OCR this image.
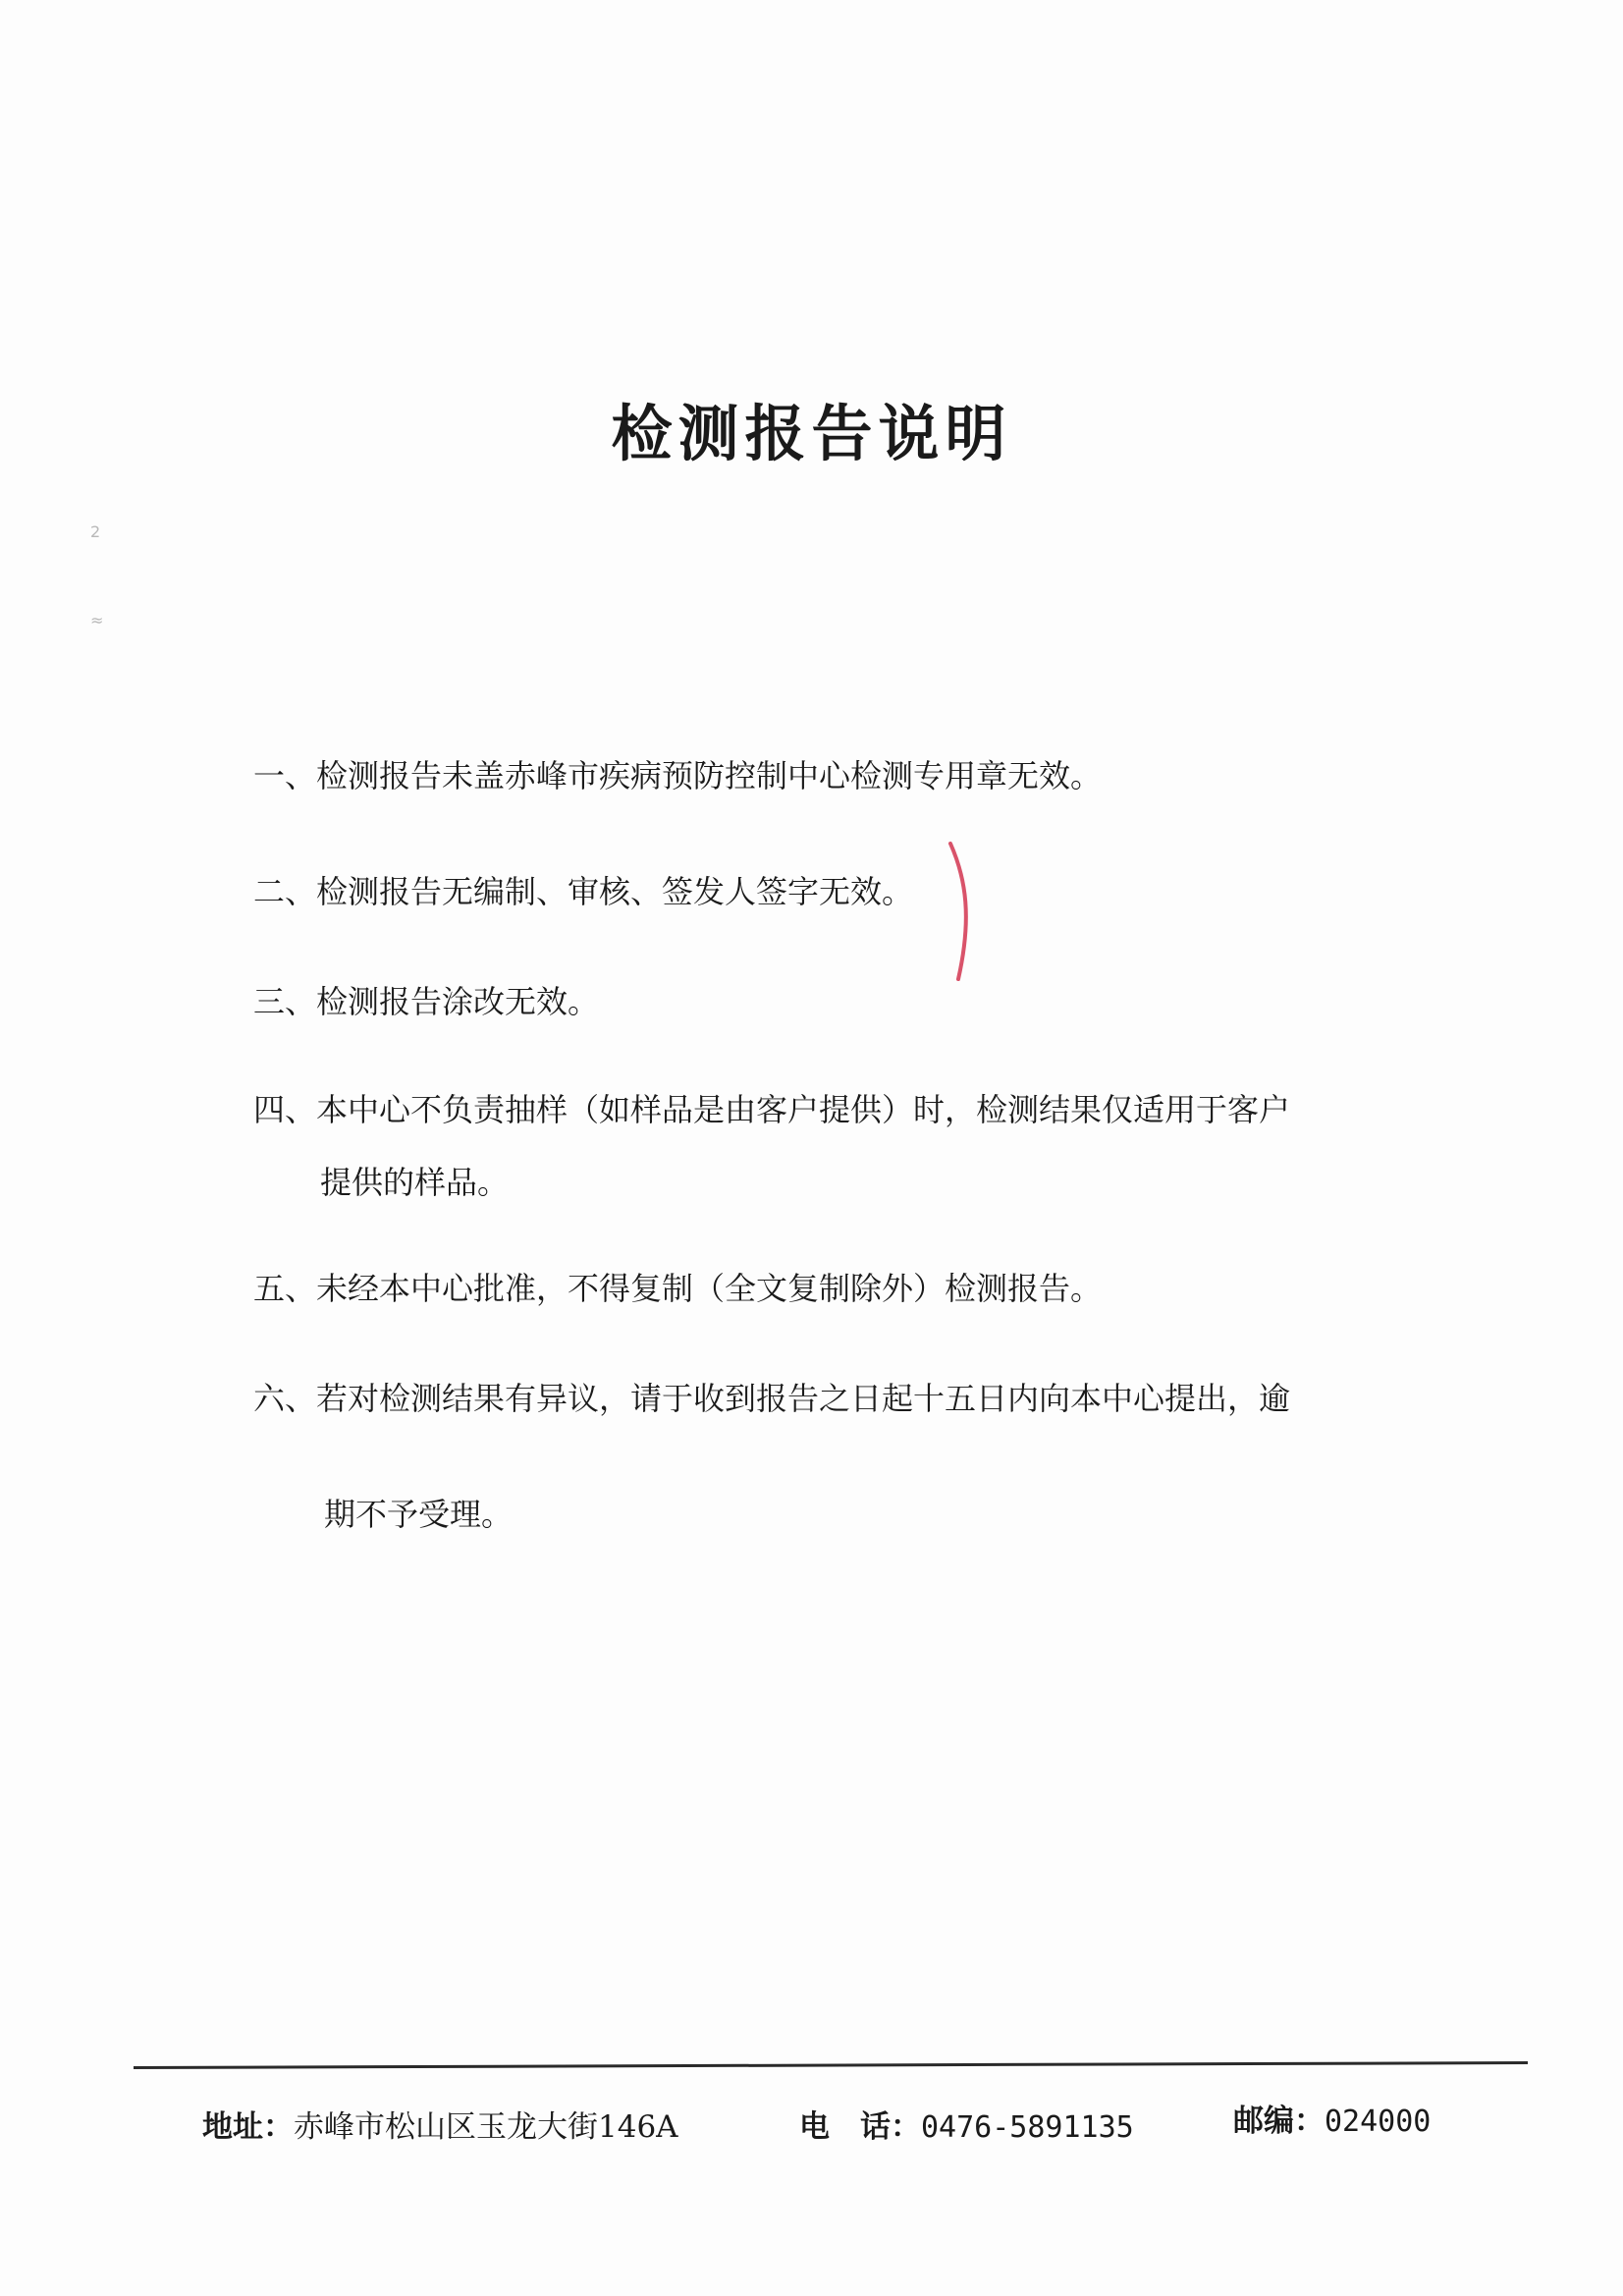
2
≈
检测报告说明
一、检测报告未盖赤峰市疾病预防控制中心检测专用章无效。
二、检测报告无编制、审核、签发人签字无效。
三、检测报告涂改无效。
四、本中心不负责抽样（如样品是由客户提供）时，检测结果仅适用于客户
提供的样品。
五、未经本中心批准，不得复制（全文复制除外）检测报告。
六、若对检测结果有异议，请于收到报告之日起十五日内向本中心提出，逾
期不予受理。
地址：赤峰市松山区玉龙大街146A	电　话：0476-5891135	邮编：024000
